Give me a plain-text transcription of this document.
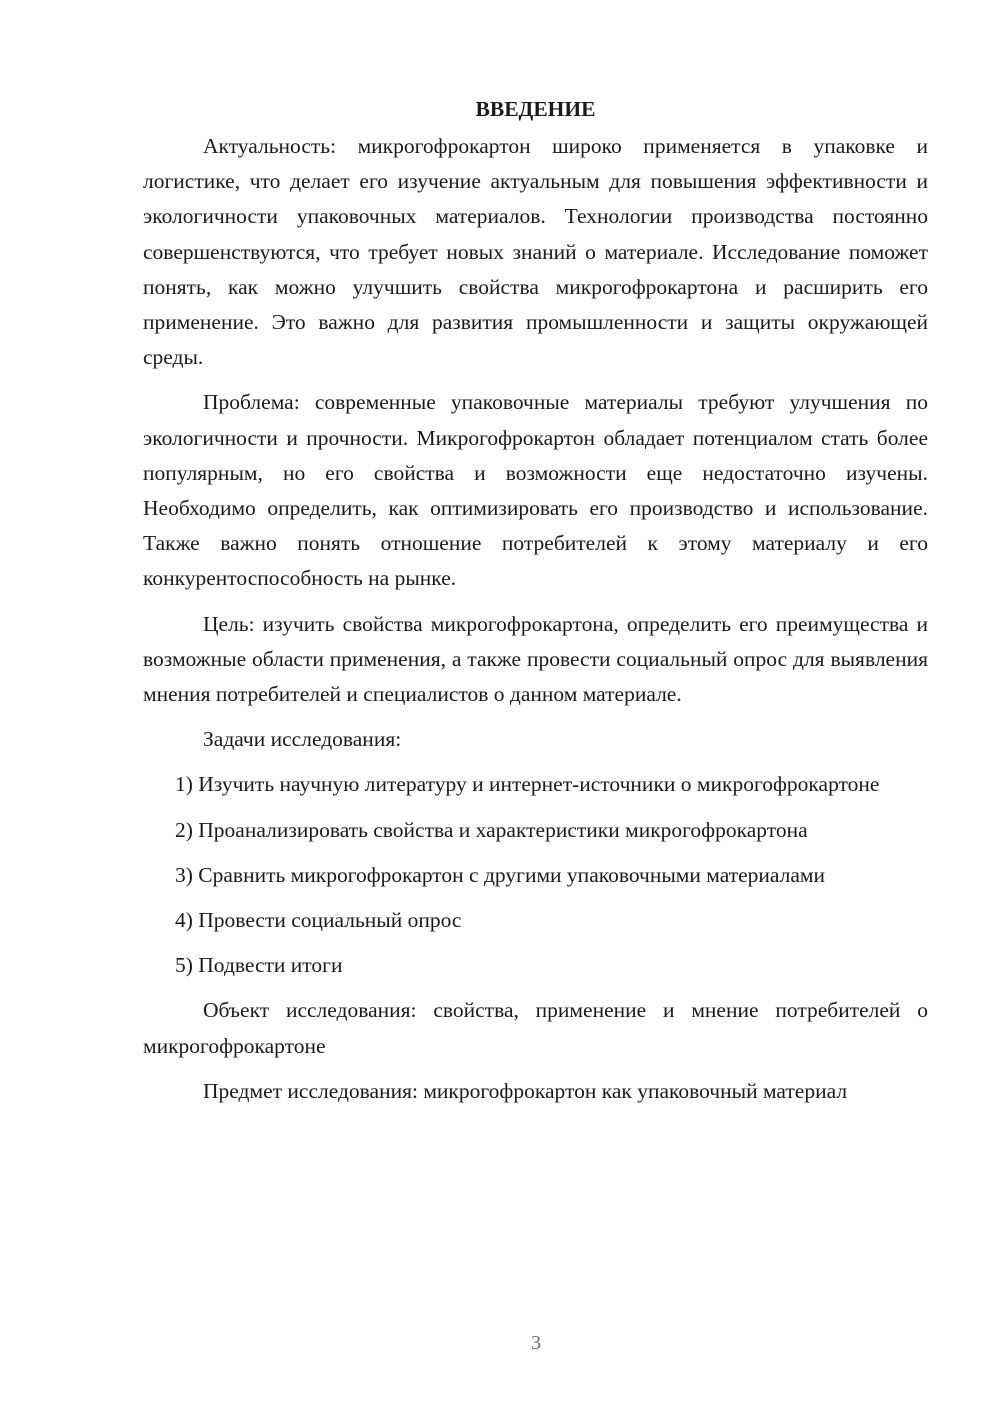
ВВЕДЕНИЕ

Актуальность: микрогофрокартон широко применяется в упаковке и логистике, что делает его изучение актуальным для повышения эффективности и экологичности упаковочных материалов. Технологии производства постоянно совершенствуются, что требует новых знаний о материале. Исследование поможет понять, как можно улучшить свойства микрогофрокартона и расширить его применение. Это важно для развития промышленности и защиты окружающей среды.

Проблема: современные упаковочные материалы требуют улучшения по экологичности и прочности. Микрогофрокартон обладает потенциалом стать более популярным, но его свойства и возможности еще недостаточно изучены. Необходимо определить, как оптимизировать его производство и использование. Также важно понять отношение потребителей к этому материалу и его конкурентоспособность на рынке.

Цель: изучить свойства микрогофрокартона, определить его преимущества и возможные области применения, а также провести социальный опрос для выявления мнения потребителей и специалистов о данном материале.

Задачи исследования:

1) Изучить научную литературу и интернет-источники о микрогофрокартоне

2) Проанализировать свойства и характеристики микрогофрокартона

3) Сравнить микрогофрокартон с другими упаковочными материалами

4) Провести социальный опрос

5) Подвести итоги

Объект исследования: свойства, применение и мнение потребителей о микрогофрокартоне

Предмет исследования: микрогофрокартон как упаковочный материал

3
